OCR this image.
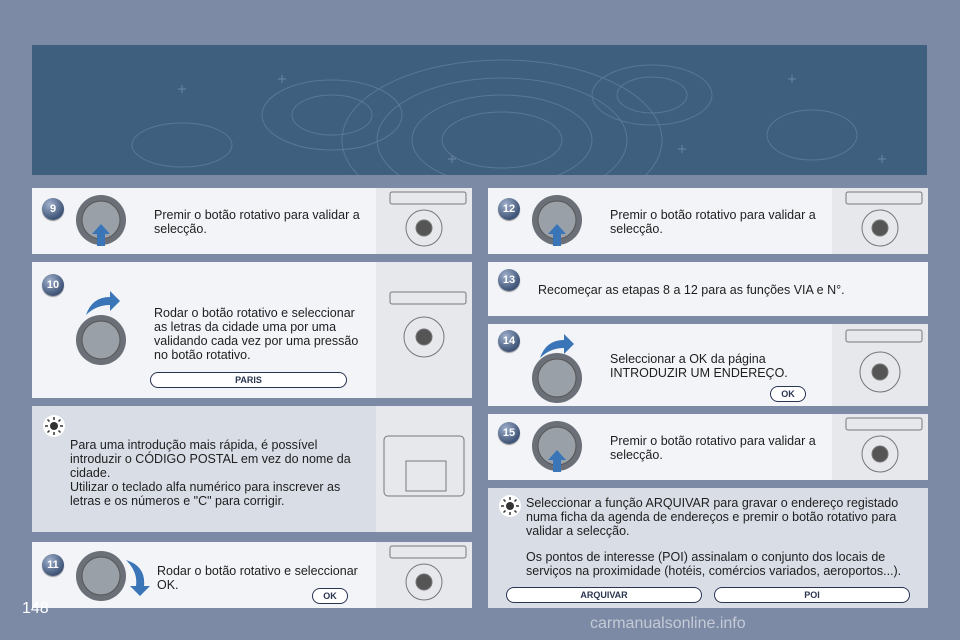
9	Premir o botão rotativo para validar a selecção.
10
Rodar o botão rotativo e seleccionar as letras da cidade uma por uma validando cada vez por uma pressão no botão rotativo.
PARIS
Para uma introdução mais rápida, é possível introduzir o CÓDIGO POSTAL em vez do nome da cidade.
Utilizar o teclado alfa numérico para inscrever as letras e os números e "C" para corrigir.
11	Rodar o botão rotativo e seleccionar OK.
OK
12	Premir o botão rotativo para validar a selecção.
13
Recomeçar as etapas 8 a 12 para as funções VIA e N°.
14
Seleccionar a OK da página INTRODUZIR UM ENDEREÇO.
OK
15
Premir o botão rotativo para validar a selecção.
Seleccionar a função ARQUIVAR para gravar o endereço registado numa ficha da agenda de endereços e premir o botão rotativo para validar a selecção.
Os pontos de interesse (POI) assinalam o conjunto dos locais de serviços na proximidade (hotéis, comércios variados, aeroportos...).
ARQUIVAR	POI
148
carmanualsonline.info
